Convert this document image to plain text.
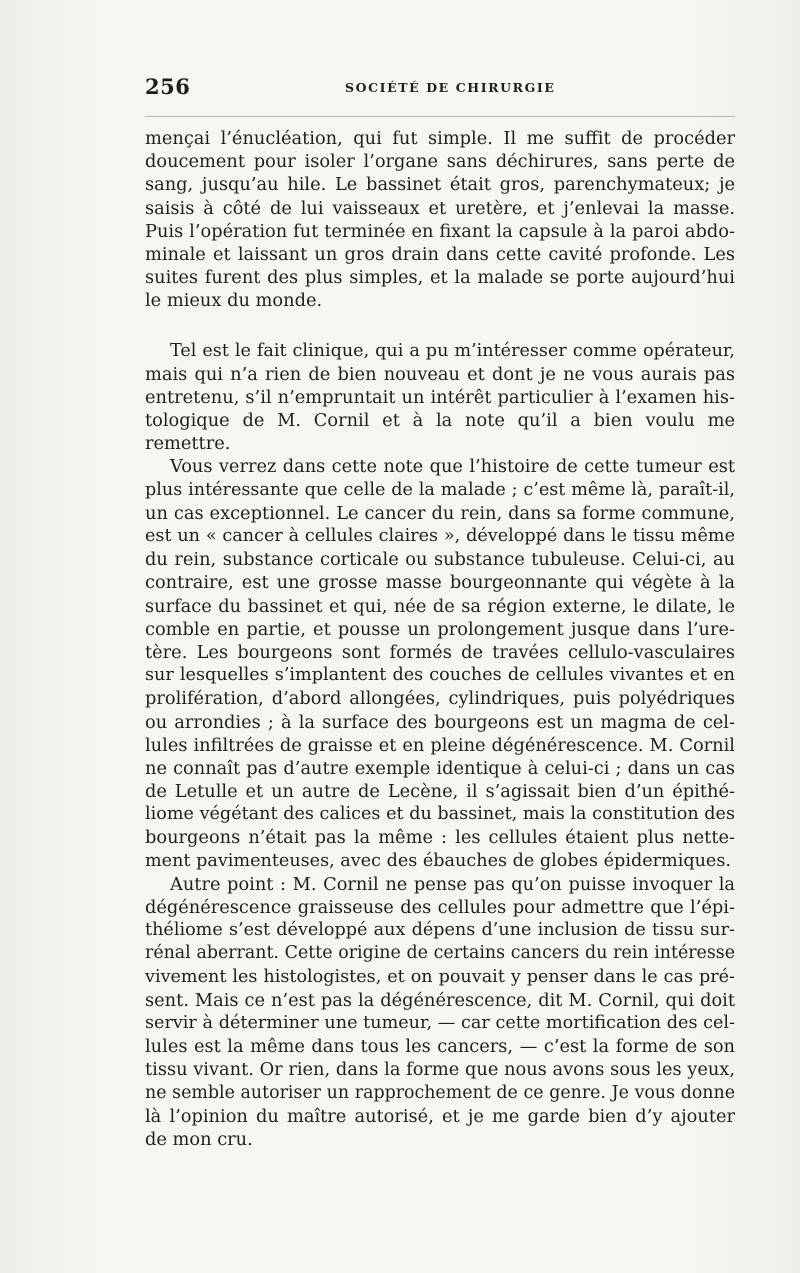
256	SOCIÉTÉ DE CHIRURGIE
mençai l’énucléation, qui fut simple. Il me suffit de procéder
doucement pour isoler l’organe sans déchirures, sans perte de
sang, jusqu’au hile. Le bassinet était gros, parenchymateux; je
saisis à côté de lui vaisseaux et uretère, et j’enlevai la masse.
Puis l’opération fut terminée en fixant la capsule à la paroi abdo-
minale et laissant un gros drain dans cette cavité profonde. Les
suites furent des plus simples, et la malade se porte aujourd’hui
le mieux du monde.
Tel est le fait clinique, qui a pu m’intéresser comme opérateur,
mais qui n’a rien de bien nouveau et dont je ne vous aurais pas
entretenu, s’il n’empruntait un intérêt particulier à l’examen his-
tologique de M. Cornil et à la note qu’il a bien voulu me
remettre.
Vous verrez dans cette note que l’histoire de cette tumeur est
plus intéressante que celle de la malade ; c’est même là, paraît-il,
un cas exceptionnel. Le cancer du rein, dans sa forme commune,
est un « cancer à cellules claires », développé dans le tissu même
du rein, substance corticale ou substance tubuleuse. Celui-ci, au
contraire, est une grosse masse bourgeonnante qui végète à la
surface du bassinet et qui, née de sa région externe, le dilate, le
comble en partie, et pousse un prolongement jusque dans l’ure-
tère. Les bourgeons sont formés de travées cellulo-vasculaires
sur lesquelles s’implantent des couches de cellules vivantes et en
prolifération, d’abord allongées, cylindriques, puis polyédriques
ou arrondies ; à la surface des bourgeons est un magma de cel-
lules infiltrées de graisse et en pleine dégénérescence. M. Cornil
ne connaît pas d’autre exemple identique à celui-ci ; dans un cas
de Letulle et un autre de Lecène, il s’agissait bien d’un épithé-
liome végétant des calices et du bassinet, mais la constitution des
bourgeons n’était pas la même : les cellules étaient plus nette-
ment pavimenteuses, avec des ébauches de globes épidermiques.
Autre point : M. Cornil ne pense pas qu’on puisse invoquer la
dégénérescence graisseuse des cellules pour admettre que l’épi-
théliome s’est développé aux dépens d’une inclusion de tissu sur-
rénal aberrant. Cette origine de certains cancers du rein intéresse
vivement les histologistes, et on pouvait y penser dans le cas pré-
sent. Mais ce n’est pas la dégénérescence, dit M. Cornil, qui doit
servir à déterminer une tumeur, — car cette mortification des cel-
lules est la même dans tous les cancers, — c’est la forme de son
tissu vivant. Or rien, dans la forme que nous avons sous les yeux,
ne semble autoriser un rapprochement de ce genre. Je vous donne
là l’opinion du maître autorisé, et je me garde bien d’y ajouter
de mon cru.
